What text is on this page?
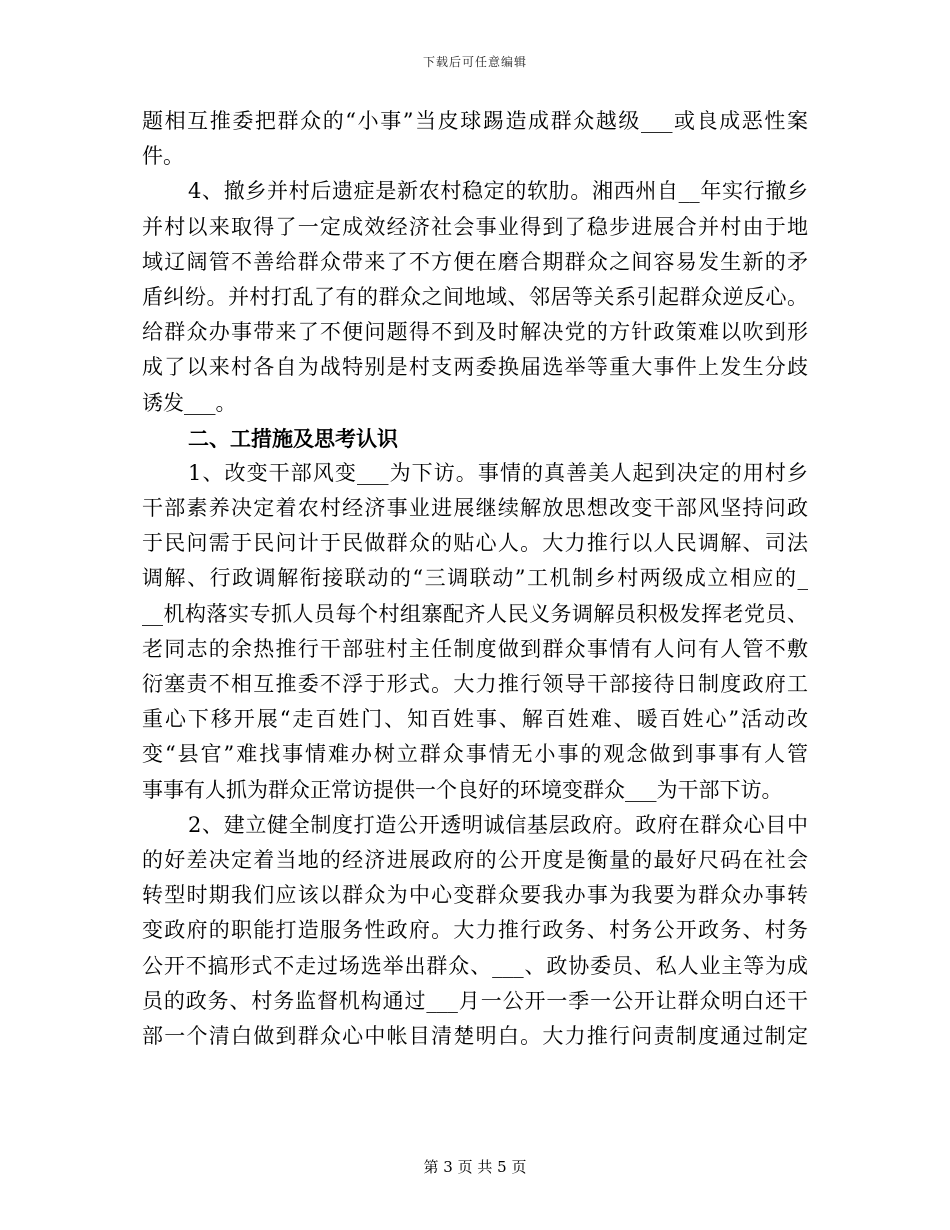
下载后可任意编辑
题相互推委把群众的“小事”当皮球踢造成群众越级___或良成恶性案
件。
4、撤乡并村后遗症是新农村稳定的软肋。湘西州自__年实行撤乡
并村以来取得了一定成效经济社会事业得到了稳步进展合并村由于地
域辽阔管不善给群众带来了不方便在磨合期群众之间容易发生新的矛
盾纠纷。并村打乱了有的群众之间地域、邻居等关系引起群众逆反心。
给群众办事带来了不便问题得不到及时解决党的方针政策难以吹到形
成了以来村各自为战特别是村支两委换届选举等重大事件上发生分歧
诱发___。
二、工措施及思考认识
1、改变干部风变___为下访。事情的真善美人起到决定的用村乡
干部素养决定着农村经济事业进展继续解放思想改变干部风坚持问政
于民问需于民问计于民做群众的贴心人。大力推行以人民调解、司法
调解、行政调解衔接联动的“三调联动”工机制乡村两级成立相应的_
__机构落实专抓人员每个村组寨配齐人民义务调解员积极发挥老党员、
老同志的余热推行干部驻村主任制度做到群众事情有人问有人管不敷
衍塞责不相互推委不浮于形式。大力推行领导干部接待日制度政府工
重心下移开展“走百姓门、知百姓事、解百姓难、暖百姓心”活动改
变“县官”难找事情难办树立群众事情无小事的观念做到事事有人管
事事有人抓为群众正常访提供一个良好的环境变群众___为干部下访。
2、建立健全制度打造公开透明诚信基层政府。政府在群众心目中
的好差决定着当地的经济进展政府的公开度是衡量的最好尺码在社会
转型时期我们应该以群众为中心变群众要我办事为我要为群众办事转
变政府的职能打造服务性政府。大力推行政务、村务公开政务、村务
公开不搞形式不走过场选举出群众、___、政协委员、私人业主等为成
员的政务、村务监督机构通过___月一公开一季一公开让群众明白还干
部一个清白做到群众心中帐目清楚明白。大力推行问责制度通过制定
第 3 页 共 5 页
